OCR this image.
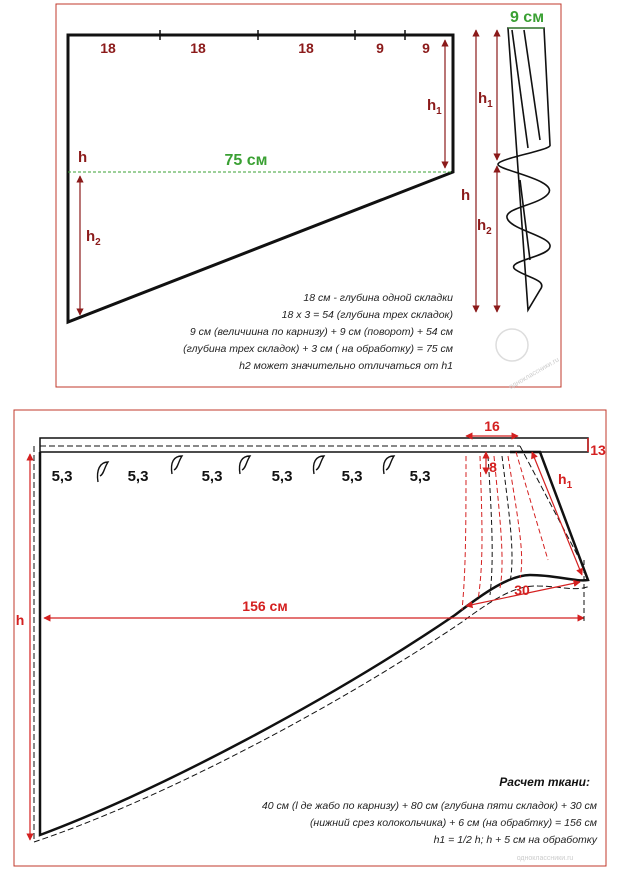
18	18	18	9	9
75 см
h
$h_1$
$h_2$
18 см - глубина одной складки
18 х 3 = 54 (глубина трех складок)
9 см (величиина по карнизу) + 9 см (поворот) + 54 см
(глубина трех складок) + 3 см ( на обработку) = 75 см
h2 может значительно отличаться от h1
9 см
h
$h_1$
$h_2$
одноклассники.ru
5,3	5,3	5,3	5,3	5,3	5,3
16
13
8
$h_1$
30
156 см
h
Расчет ткани:
40 см (l де жабо по карнизу) + 80 см (глубина пяти складок) + 30 см
(нижний срез колокольчика) + 6 см (на обрабтку) = 156 см
h1 = 1/2 h; h + 5 см на обработку
одноклассники.ru
